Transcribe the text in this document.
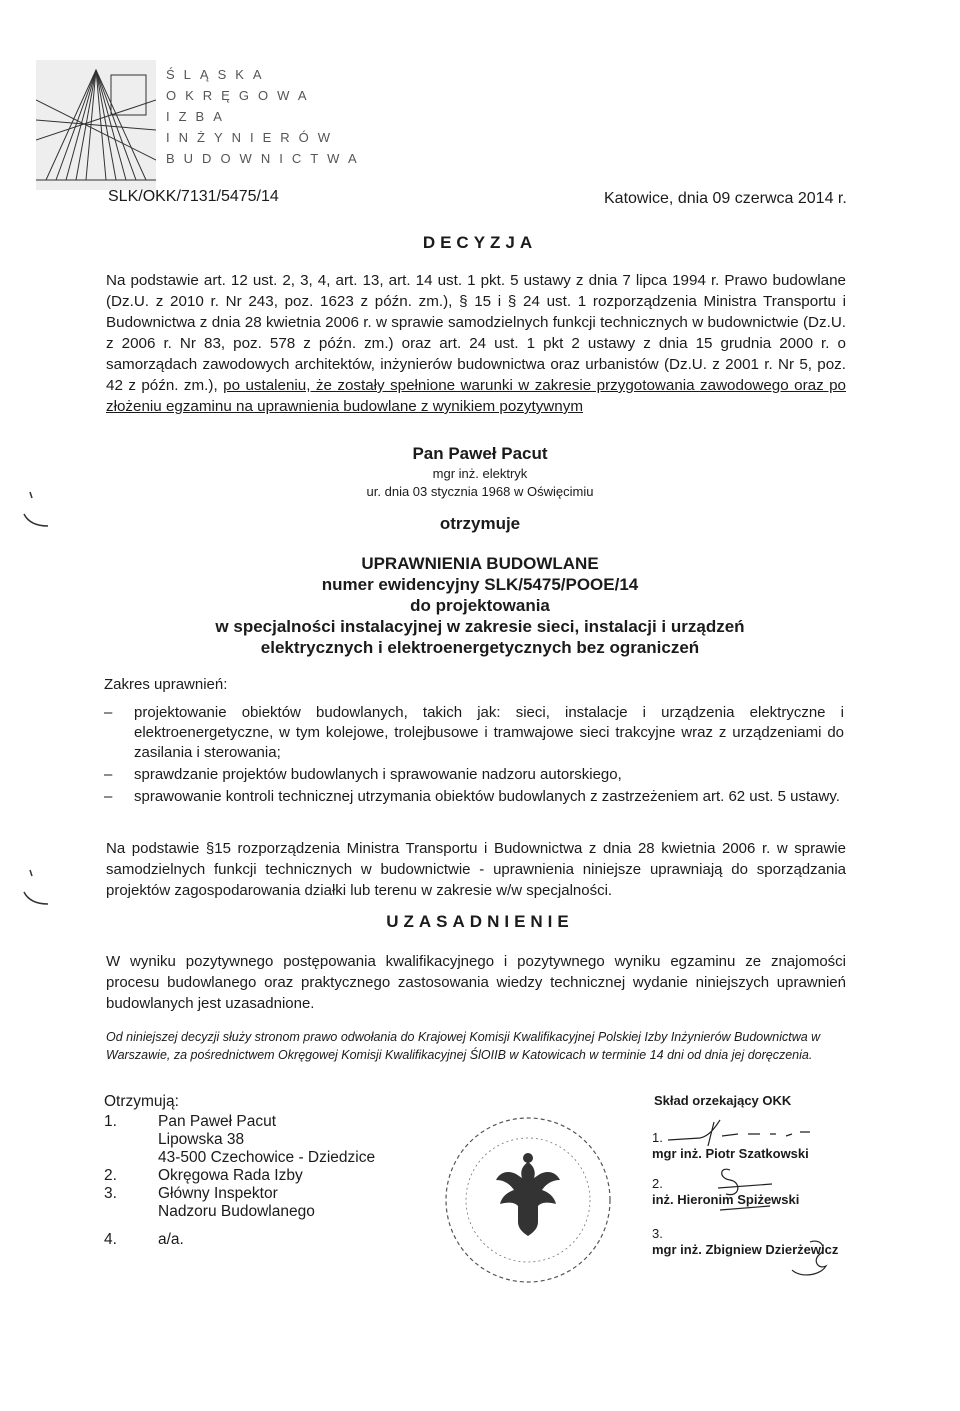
ŚLĄSKA
OKRĘGOWA
IZBA
INŻYNIERÓW
BUDOWNICTWA
SLK/OKK/7131/5475/14	Katowice, dnia 09 czerwca 2014 r.
DECYZJA
Na podstawie art. 12 ust. 2, 3, 4, art. 13, art. 14 ust. 1 pkt. 5 ustawy z dnia 7 lipca 1994 r. Prawo budowlane (Dz.U. z 2010 r. Nr 243, poz. 1623 z późn. zm.), § 15 i § 24 ust. 1 rozporządzenia Ministra Transportu i Budownictwa z dnia 28 kwietnia 2006 r. w sprawie samodzielnych funkcji technicznych w budownictwie (Dz.U. z 2006 r. Nr 83, poz. 578 z późn. zm.) oraz art. 24 ust. 1 pkt 2 ustawy z dnia 15 grudnia 2000 r. o samorządach zawodowych architektów, inżynierów budownictwa oraz urbanistów (Dz.U. z 2001 r. Nr 5, poz. 42 z późn. zm.), po ustaleniu, że zostały spełnione warunki w zakresie przygotowania zawodowego oraz po złożeniu egzaminu na uprawnienia budowlane z wynikiem pozytywnym
Pan Paweł Pacut
mgr inż. elektryk
ur. dnia 03 stycznia 1968 w Oświęcimiu
otrzymuje
UPRAWNIENIA BUDOWLANE
numer ewidencyjny SLK/5475/POOE/14
do projektowania
w specjalności instalacyjnej w zakresie sieci, instalacji i urządzeń
elektrycznych i elektroenergetycznych bez ograniczeń
Zakres uprawnień:
– projektowanie obiektów budowlanych, takich jak: sieci, instalacje i urządzenia elektryczne i elektroenergetyczne, w tym kolejowe, trolejbusowe i tramwajowe sieci trakcyjne wraz z urządzeniami do zasilania i sterowania;
– sprawdzanie projektów budowlanych i sprawowanie nadzoru autorskiego,
– sprawowanie kontroli technicznej utrzymania obiektów budowlanych z zastrzeżeniem art. 62 ust. 5 ustawy.
Na podstawie §15 rozporządzenia Ministra Transportu i Budownictwa z dnia 28 kwietnia 2006 r. w sprawie samodzielnych funkcji technicznych w budownictwie - uprawnienia niniejsze uprawniają do sporządzania projektów zagospodarowania działki lub terenu w zakresie w/w specjalności.
UZASADNIENIE
W wyniku pozytywnego postępowania kwalifikacyjnego i pozytywnego wyniku egzaminu ze znajomości procesu budowlanego oraz praktycznego zastosowania wiedzy technicznej wydanie niniejszych uprawnień budowlanych jest uzasadnione.
Od niniejszej decyzji służy stronom prawo odwołania do Krajowej Komisji Kwalifikacyjnej Polskiej Izby Inżynierów Budownictwa w Warszawie, za pośrednictwem Okręgowej Komisji Kwalifikacyjnej ŚlOIIB w Katowicach w terminie 14 dni od dnia jej doręczenia.
Otrzymują:
1.	Pan Paweł Pacut
Lipowska 38
43-500 Czechowice - Dziedzice
2.	Okręgowa Rada Izby
3.	Główny Inspektor
Nadzoru Budowlanego
4.	a/a.
Skład orzekający OKK
1.
mgr inż. Piotr Szatkowski
2.
inż. Hieronim Spiżewski
3.
mgr inż. Zbigniew Dzierżewicz
